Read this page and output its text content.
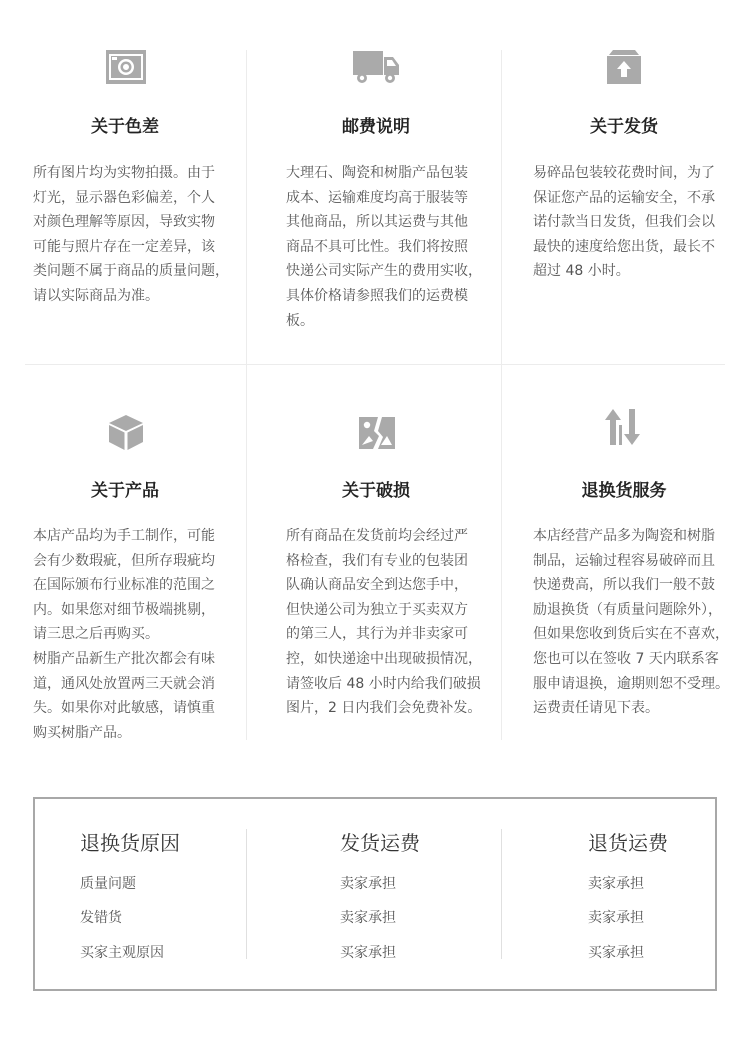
关于色差
所有图片均为实物拍摄。由于
灯光，显示器色彩偏差，个人
对颜色理解等原因，导致实物
可能与照片存在一定差异，该
类问题不属于商品的质量问题，
请以实际商品为准。
邮费说明
大理石、陶瓷和树脂产品包装
成本、运输难度均高于服装等
其他商品，所以其运费与其他
商品不具可比性。我们将按照
快递公司实际产生的费用实收，
具体价格请参照我们的运费模
板。
关于发货
易碎品包装较花费时间，为了
保证您产品的运输安全，不承
诺付款当日发货，但我们会以
最快的速度给您出货，最长不
超过 48 小时。
关于产品
本店产品均为手工制作，可能
会有少数瑕疵，但所存瑕疵均
在国际颁布行业标准的范围之
内。如果您对细节极端挑剔，
请三思之后再购买。
树脂产品新生产批次都会有味
道，通风处放置两三天就会消
失。如果你对此敏感，请慎重
购买树脂产品。
关于破损
所有商品在发货前均会经过严
格检查，我们有专业的包装团
队确认商品安全到达您手中，
但快递公司为独立于买卖双方
的第三人，其行为并非卖家可
控，如快递途中出现破损情况，
请签收后 48 小时内给我们破损
图片，2 日内我们会免费补发。
退换货服务
本店经营产品多为陶瓷和树脂
制品，运输过程容易破碎而且
快递费高，所以我们一般不鼓
励退换货（有质量问题除外），
但如果您收到货后实在不喜欢，
您也可以在签收 7 天内联系客
服申请退换，逾期则恕不受理。
运费责任请见下表。
退换货原因	发货运费	退货运费
质量问题	卖家承担	卖家承担
发错货	卖家承担	卖家承担
买家主观原因	买家承担	买家承担
